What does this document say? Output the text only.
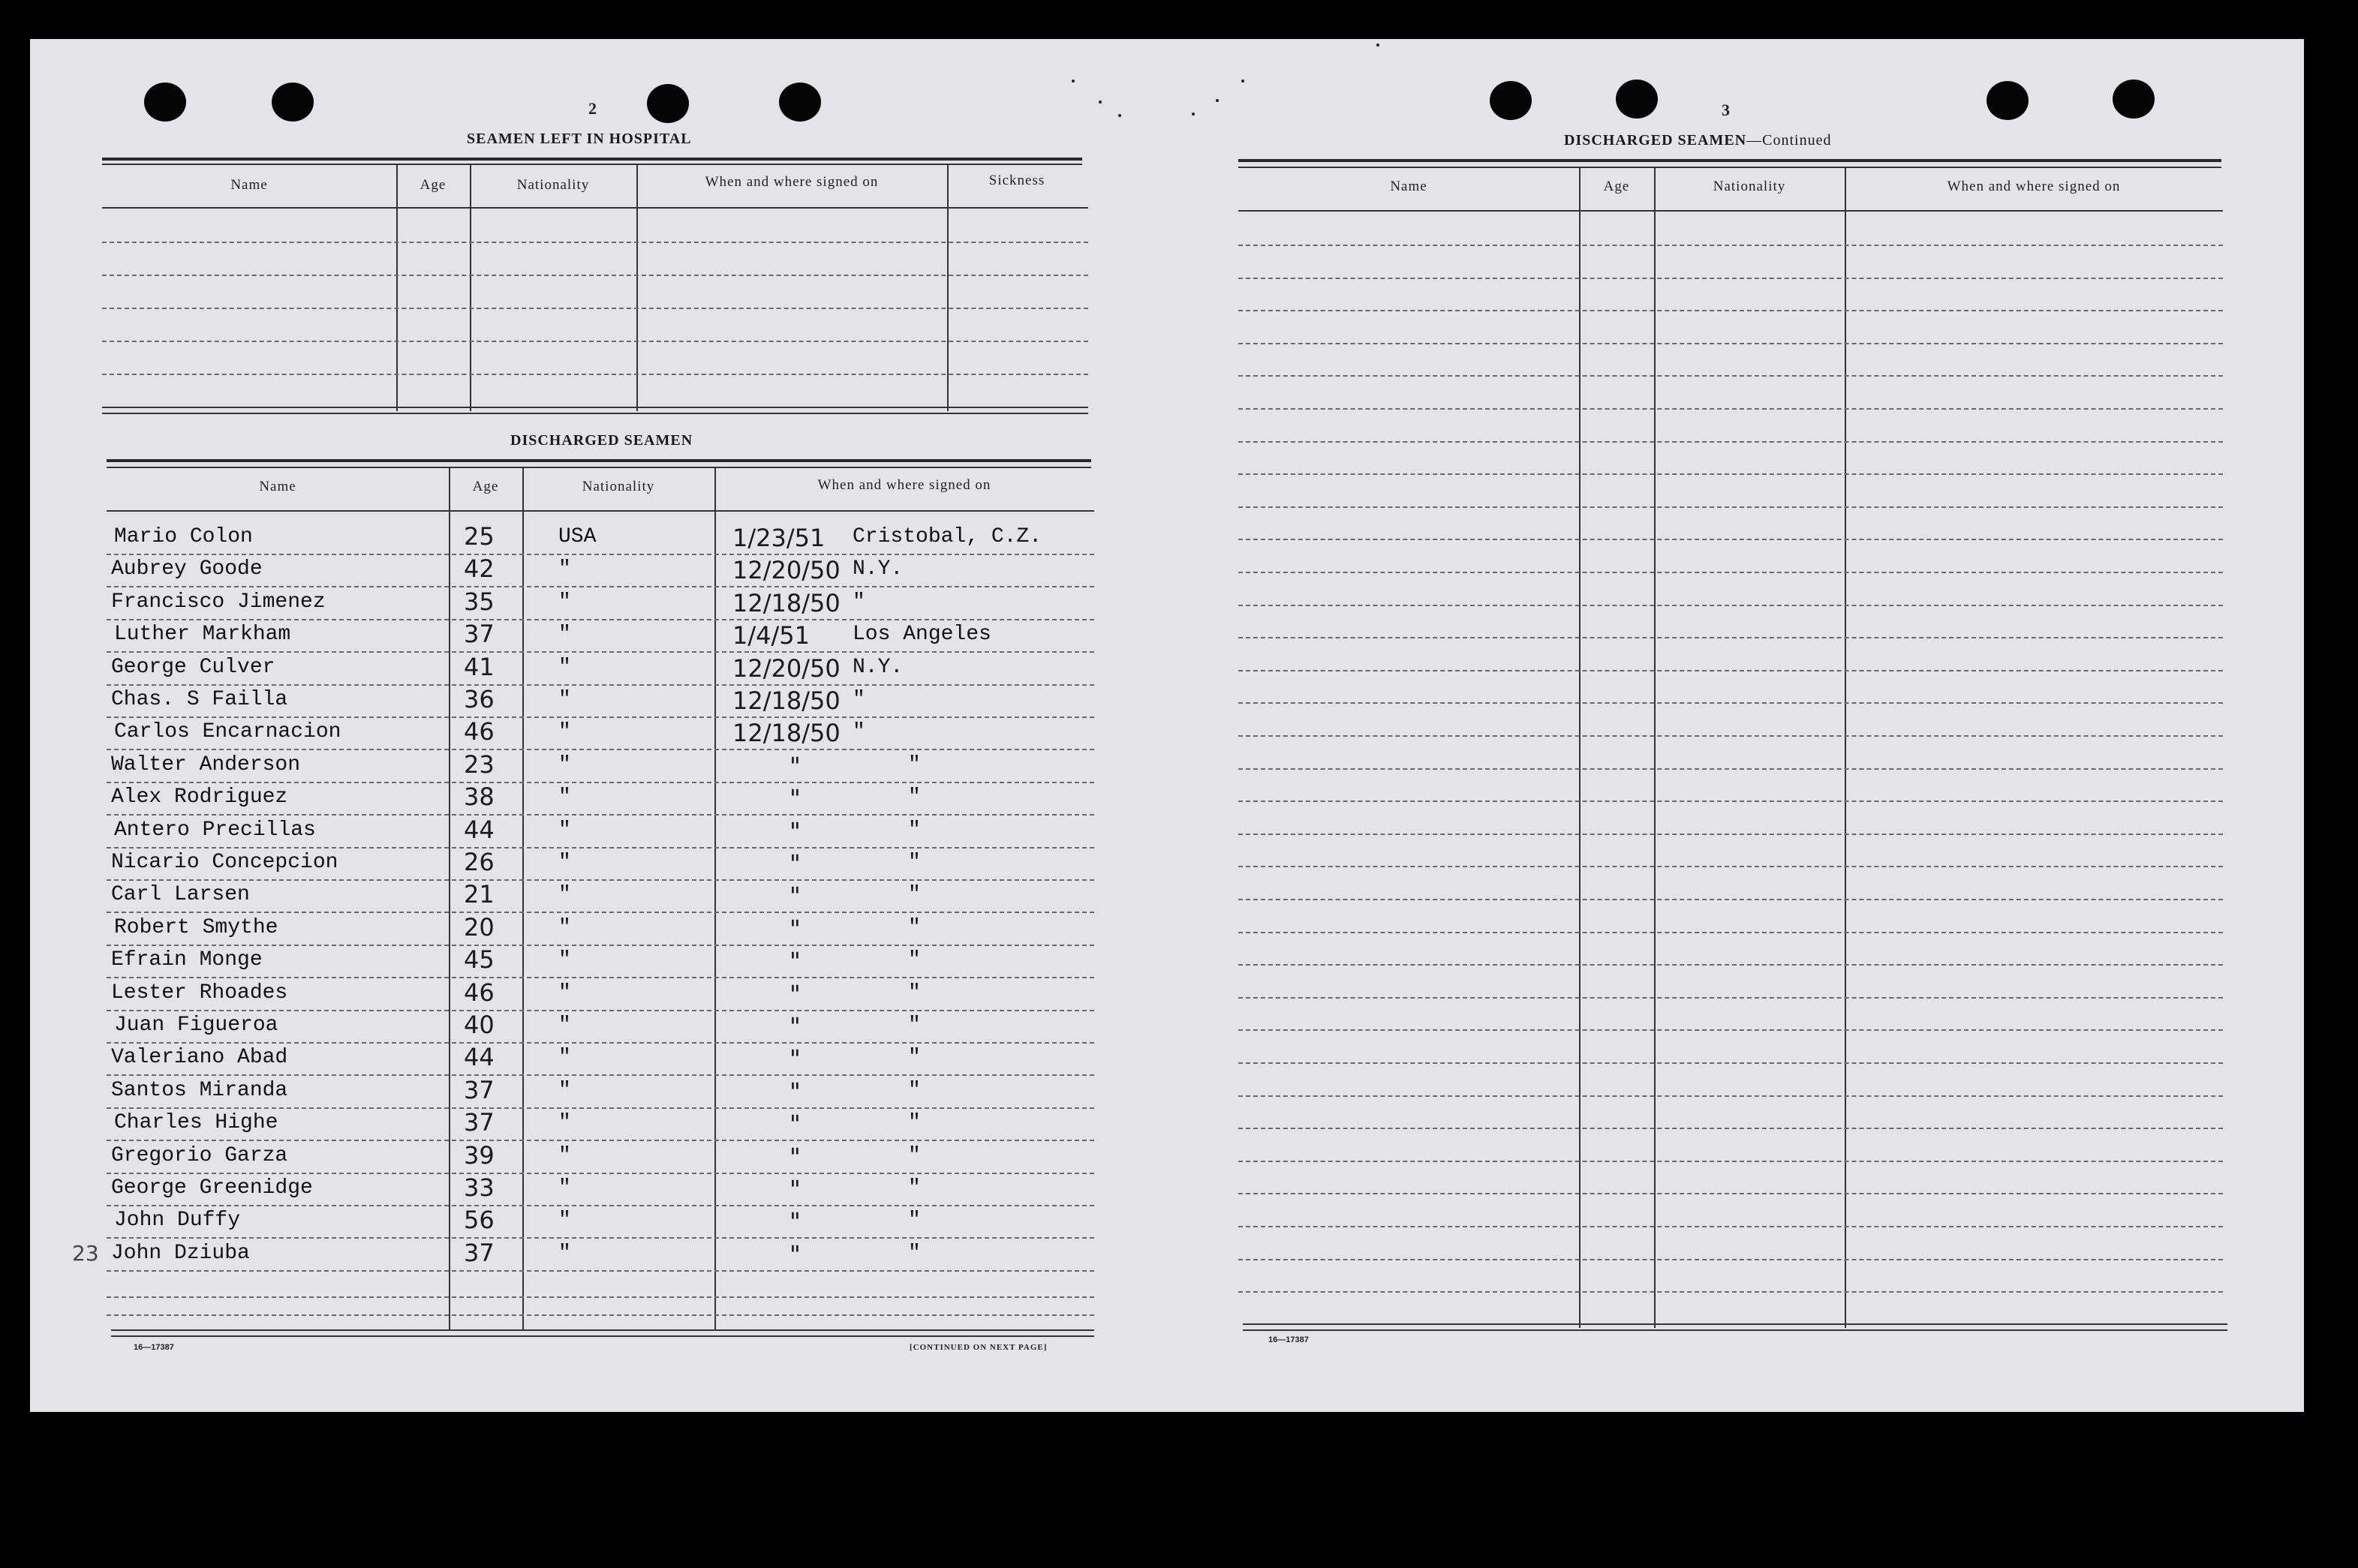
2
SEAMEN LEFT IN HOSPITAL
Name	Age	Nationality	When and where signed on	Sickness
DISCHARGED SEAMEN
Name	Age	Nationality	When and where signed on
Mario Colon	25	USA	1/23/51 Cristobal, C.Z.
Aubrey Goode	42	"	12/20/50 N.Y.
Francisco Jimenez	35	"	12/18/50 "
Luther Markham	37	"	1/4/51 Los Angeles
George Culver	41	"	12/20/50 N.Y.
Chas. S Failla	36	"	12/18/50 "
Carlos Encarnacion	46	"	12/18/50 "
Walter Anderson	23	"	"	"
Alex Rodriguez	38	"	"	"
Antero Precillas	44	"	"	"
Nicario Concepcion	26	"	"	"
Carl Larsen	21	"	"	"
Robert Smythe	20	"	"	"
Efrain Monge	45	"	"	"
Lester Rhoades	46	"	"	"
Juan Figueroa	40	"	"	"
Valeriano Abad	44	"	"	"
Santos Miranda	37	"	"	"
Charles Highe	37	"	"	"
Gregorio Garza	39	"	"	"
George Greenidge	33	"	"	"
John Duffy	56	"	"	"
John Dziuba	37	"	"	"
23
16—17387	[CONTINUED ON NEXT PAGE]
3
DISCHARGED SEAMEN—Continued
Name	Age	Nationality	When and where signed on
16—17387
